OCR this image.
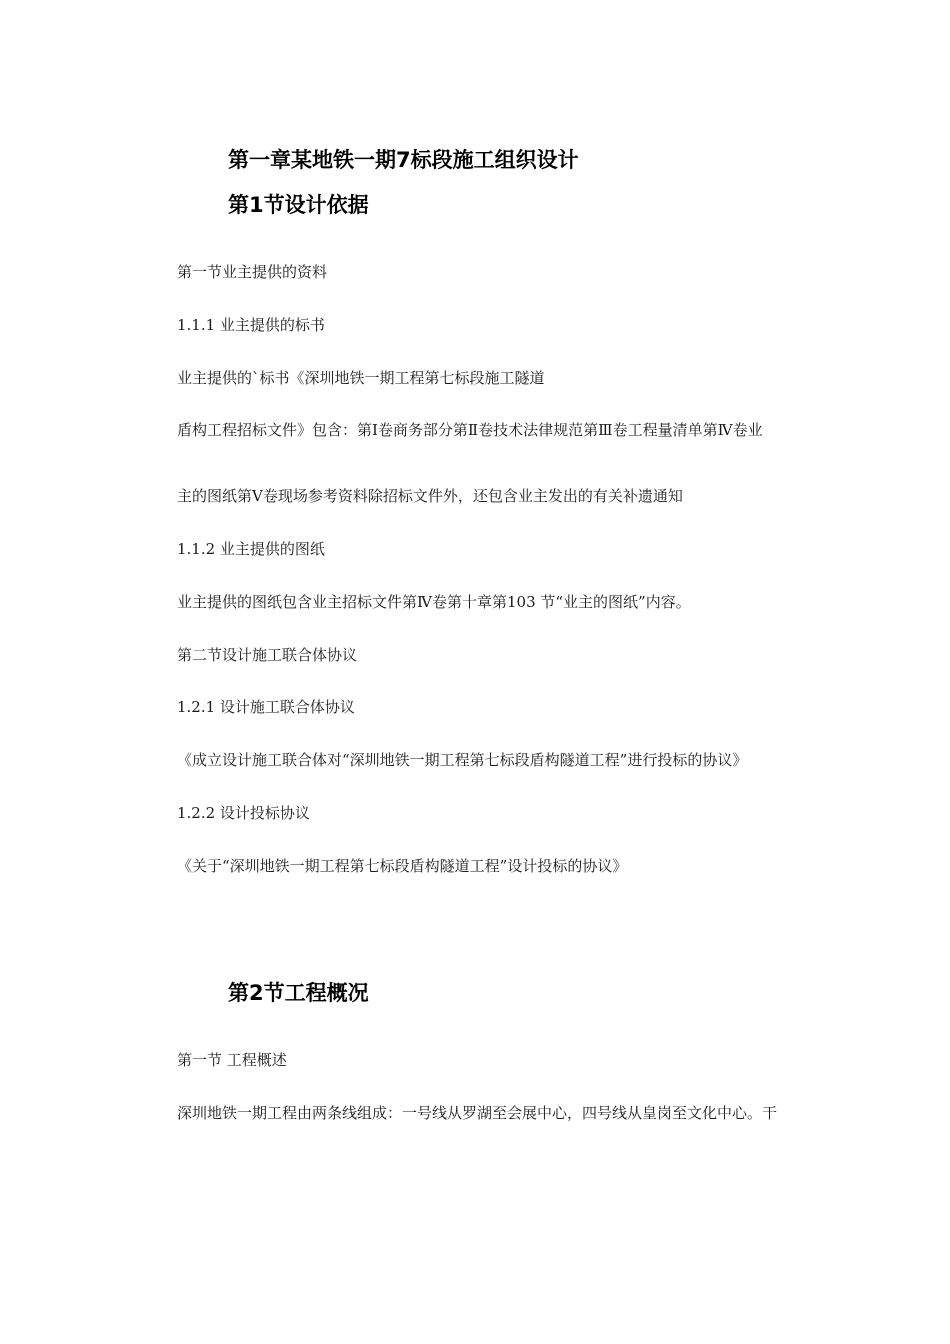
第一章某地铁一期7标段施工组织设计
第1节设计依据
第一节业主提供的资料
1.1.1 业主提供的标书
业主提供的`标书《深圳地铁一期工程第七标段施工隧道
盾构工程招标文件》包含：第Ⅰ卷商务部分第Ⅱ卷技术法律规范第Ⅲ卷工程量清单第Ⅳ卷业
主的图纸第Ⅴ卷现场参考资料除招标文件外，还包含业主发出的有关补遗通知
1.1.2 业主提供的图纸
业主提供的图纸包含业主招标文件第Ⅳ卷第十章第103 节“业主的图纸”内容。
第二节设计施工联合体协议
1.2.1 设计施工联合体协议
《成立设计施工联合体对“深圳地铁一期工程第七标段盾构隧道工程”进行投标的协议》
1.2.2 设计投标协议
《关于“深圳地铁一期工程第七标段盾构隧道工程”设计投标的协议》
第2节工程概况
第一节 工程概述
深圳地铁一期工程由两条线组成：一号线从罗湖至会展中心，四号线从皇岗至文化中心。干
